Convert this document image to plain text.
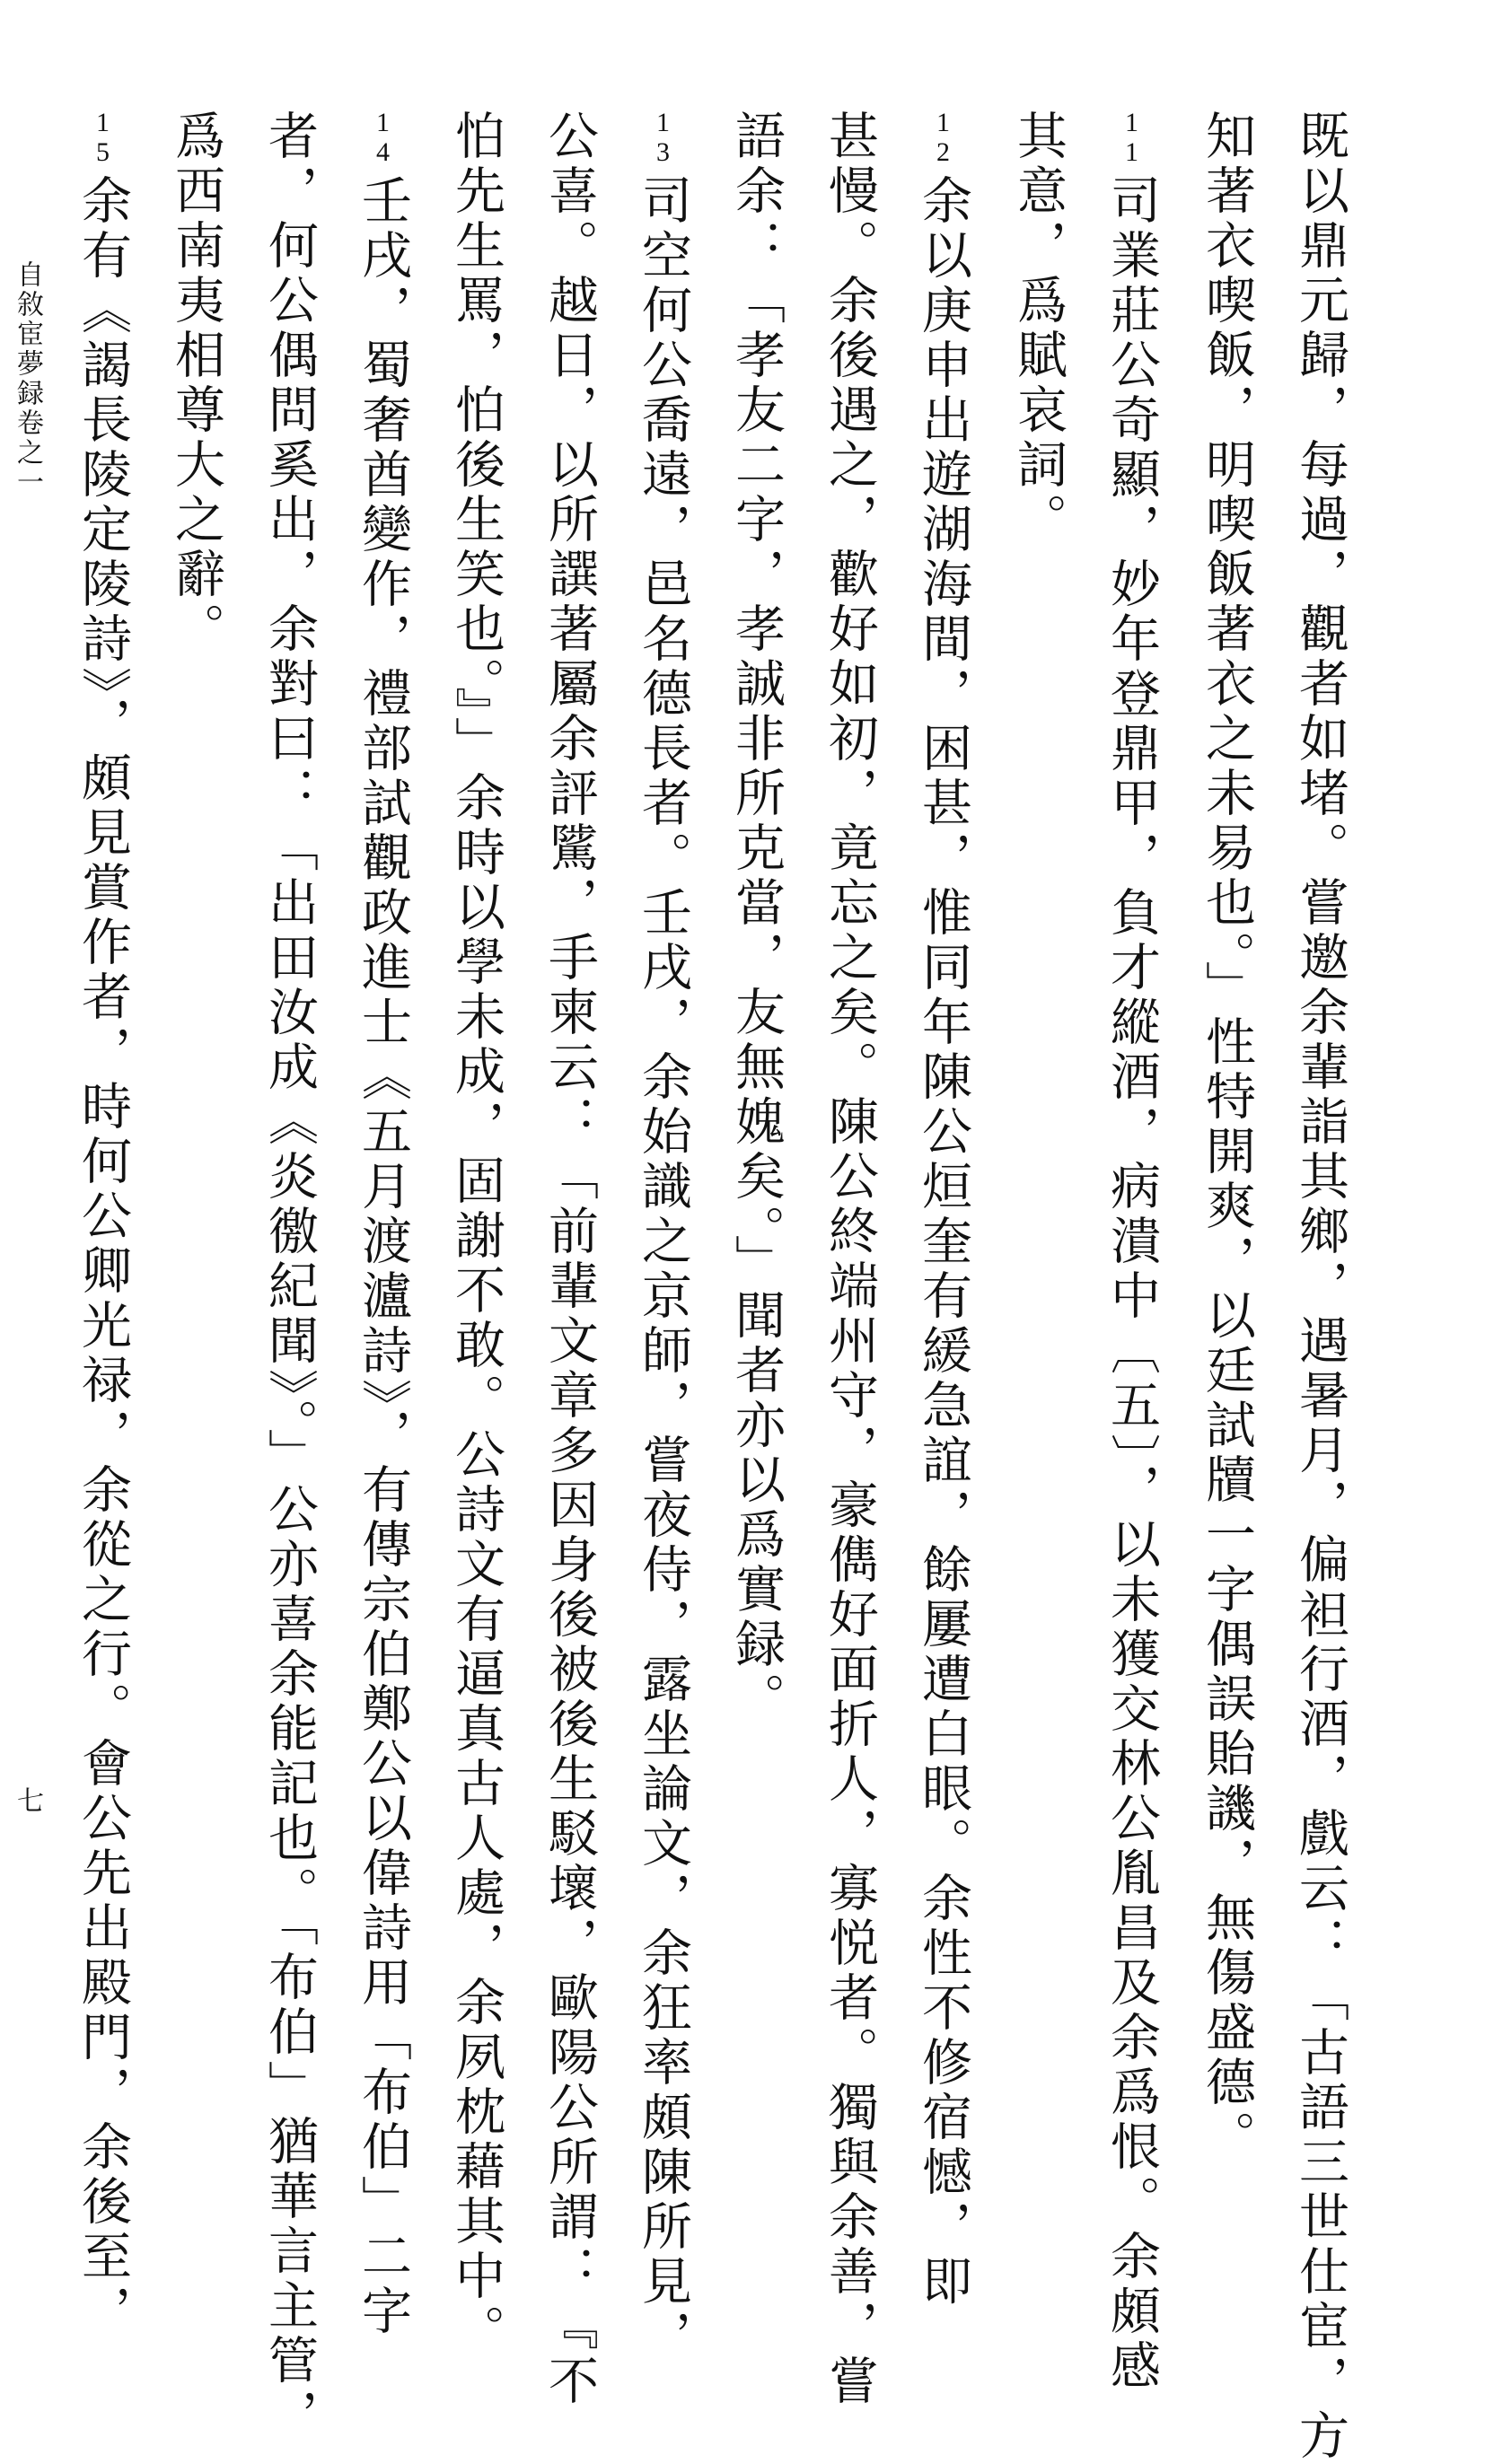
既以鼎元歸，每過，觀者如堵。嘗邀余輩詣其鄉，遇暑月，偏袒行酒，戲云：「古語三世仕宦，方
知著衣喫飯，明喫飯著衣之未易也。」性特開爽，以廷試牘一字偶誤貽譏，無傷盛德。
11司業莊公奇顯，妙年登鼎甲，負才縱酒，病潰中〔五〕，以未獲交林公胤昌及余爲恨。余頗感
其意，爲賦哀詞。
12余以庚申出遊湖海間，困甚，惟同年陳公烜奎有緩急誼，餘屢遭白眼。余性不修宿憾，即
甚慢。余後遇之，歡好如初，竟忘之矣。陳公終端州守，豪儁好面折人，寡悦者。獨與余善，嘗
語余：「孝友二字，孝誠非所克當，友無媿矣。」聞者亦以爲實録。
13司空何公喬遠，邑名德長者。壬戌，余始識之京師，嘗夜侍，露坐論文，余狂率頗陳所見，
公喜。越日，以所譔著屬余評騭，手柬云：「前輩文章多因身後被後生駁壞，歐陽公所謂：『不
怕先生罵，怕後生笑也。』」余時以學未成，固謝不敢。公詩文有逼真古人處，余夙枕藉其中。
14壬戌，蜀奢酋變作，禮部試觀政進士《五月渡瀘詩》，有傳宗伯鄭公以偉詩用「布伯」二字
者，何公偶問奚出，余對曰：「出田汝成《炎徼紀聞》。」公亦喜余能記也。「布伯」猶華言主管，
爲西南夷相尊大之辭。
15余有《謁長陵定陵詩》，頗見賞作者，時何公卿光禄，余從之行。會公先出殿門，余後至，
自敘宦夢録卷之一
七
